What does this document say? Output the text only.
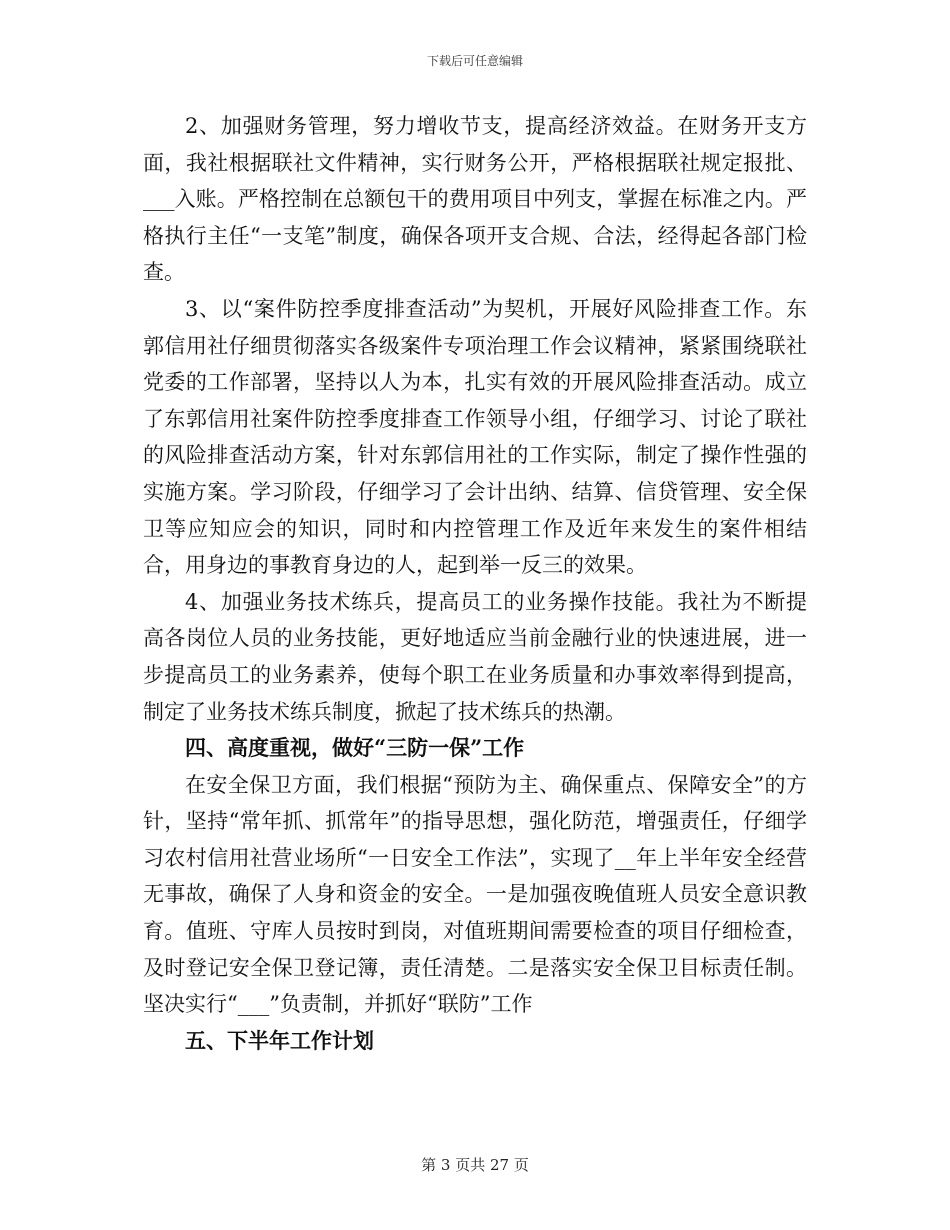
下载后可任意编辑

2、加强财务管理，努力增收节支，提高经济效益。在财务开支方面，我社根据联社文件精神，实行财务公开，严格根据联社规定报批、___入账。严格控制在总额包干的费用项目中列支，掌握在标准之内。严格执行主任“一支笔”制度，确保各项开支合规、合法，经得起各部门检查。

3、以“案件防控季度排查活动”为契机，开展好风险排查工作。东郭信用社仔细贯彻落实各级案件专项治理工作会议精神，紧紧围绕联社党委的工作部署，坚持以人为本，扎实有效的开展风险排查活动。成立了东郭信用社案件防控季度排查工作领导小组，仔细学习、讨论了联社的风险排查活动方案，针对东郭信用社的工作实际，制定了操作性强的实施方案。学习阶段，仔细学习了会计出纳、结算、信贷管理、安全保卫等应知应会的知识，同时和内控管理工作及近年来发生的案件相结合，用身边的事教育身边的人，起到举一反三的效果。

4、加强业务技术练兵，提高员工的业务操作技能。我社为不断提高各岗位人员的业务技能，更好地适应当前金融行业的快速进展，进一步提高员工的业务素养，使每个职工在业务质量和办事效率得到提高，制定了业务技术练兵制度，掀起了技术练兵的热潮。

四、高度重视，做好“三防一保”工作

在安全保卫方面，我们根据“预防为主、确保重点、保障安全”的方针，坚持“常年抓、抓常年”的指导思想，强化防范，增强责任，仔细学习农村信用社营业场所“一日安全工作法”，实现了__年上半年安全经营无事故，确保了人身和资金的安全。一是加强夜晚值班人员安全意识教育。值班、守库人员按时到岗，对值班期间需要检查的项目仔细检查，及时登记安全保卫登记簿，责任清楚。二是落实安全保卫目标责任制。坚决实行“___”负责制，并抓好“联防”工作

五、下半年工作计划

第 3 页共 27 页
